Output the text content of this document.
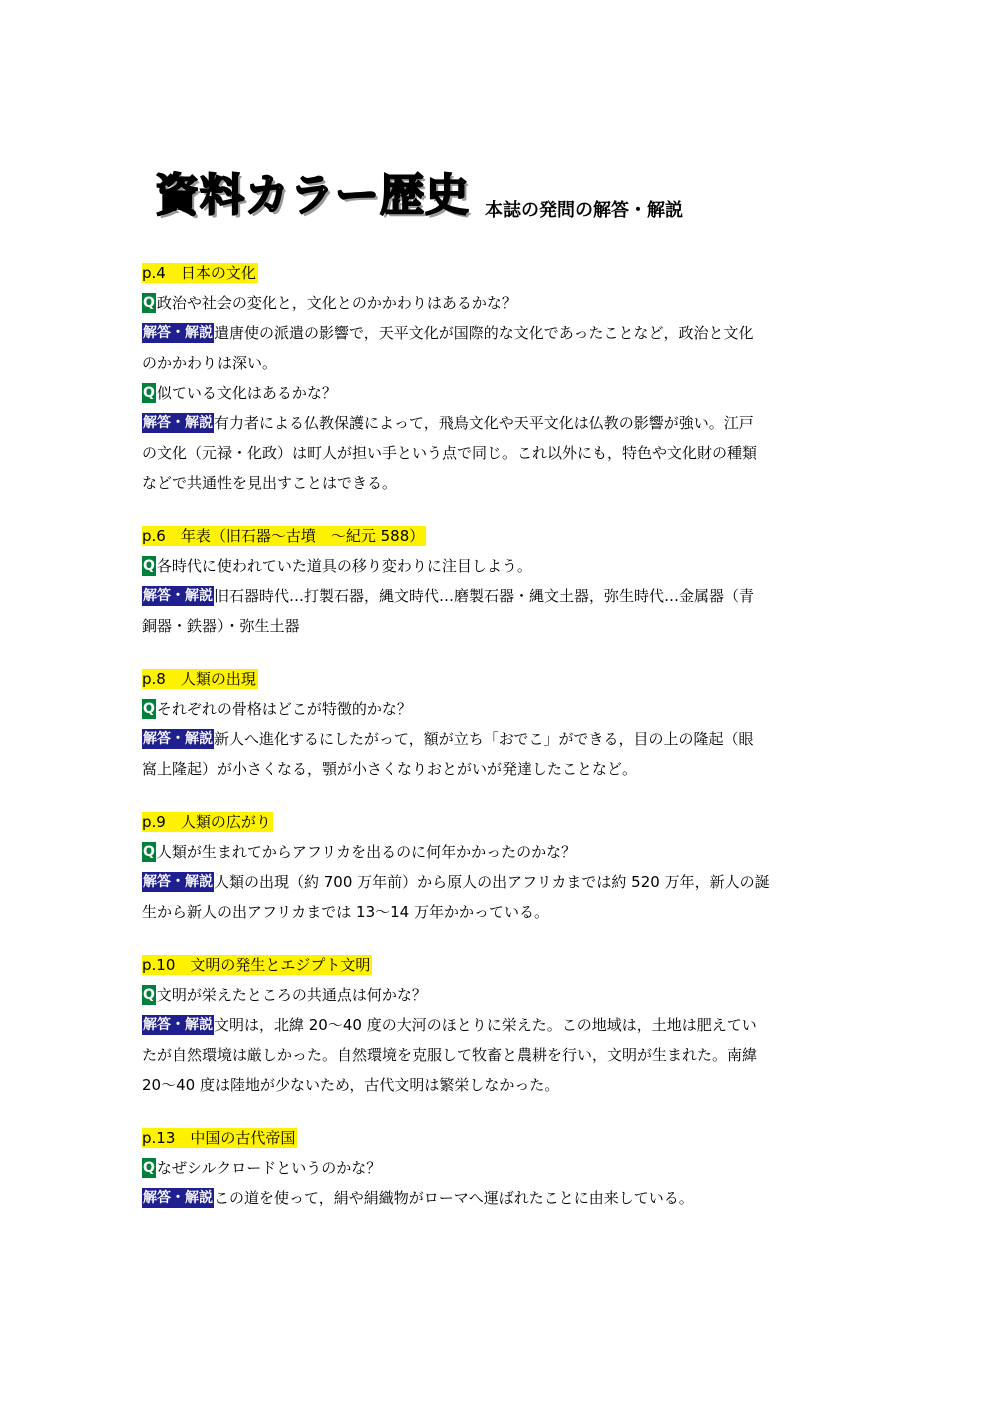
資料カラー歴史 本誌の発問の解答・解説
p.4　日本の文化
Q 政治や社会の変化と，文化とのかかわりはあるかな？
解答・解説遣唐使の派遣の影響で，天平文化が国際的な文化であったことなど，政治と文化
のかかわりは深い。
Q 似ている文化はあるかな？
解答・解説有力者による仏教保護によって，飛鳥文化や天平文化は仏教の影響が強い。江戸
の文化（元禄・化政）は町人が担い手という点で同じ。これ以外にも，特色や文化財の種類
などで共通性を見出すことはできる。
p.6　年表（旧石器～古墳　～紀元 588）
Q 各時代に使われていた道具の移り変わりに注目しよう。
解答・解説旧石器時代…打製石器，縄文時代…磨製石器・縄文土器，弥生時代…金属器（青
銅器・鉄器）・弥生土器
p.8　人類の出現
Q それぞれの骨格はどこが特徴的かな？
解答・解説新人へ進化するにしたがって，額が立ち「おでこ」ができる，目の上の隆起（眼
窩上隆起）が小さくなる，顎が小さくなりおとがいが発達したことなど。
p.9　人類の広がり
Q 人類が生まれてからアフリカを出るのに何年かかったのかな？
解答・解説人類の出現（約 700 万年前）から原人の出アフリカまでは約 520 万年，新人の誕
生から新人の出アフリカまでは 13～14 万年かかっている。
p.10　文明の発生とエジプト文明
Q 文明が栄えたところの共通点は何かな？
解答・解説文明は，北緯 20～40 度の大河のほとりに栄えた。この地域は，土地は肥えてい
たが自然環境は厳しかった。自然環境を克服して牧畜と農耕を行い，文明が生まれた。南緯
20～40 度は陸地が少ないため，古代文明は繁栄しなかった。
p.13　中国の古代帝国
Q なぜシルクロードというのかな？
解答・解説この道を使って，絹や絹織物がローマへ運ばれたことに由来している。
